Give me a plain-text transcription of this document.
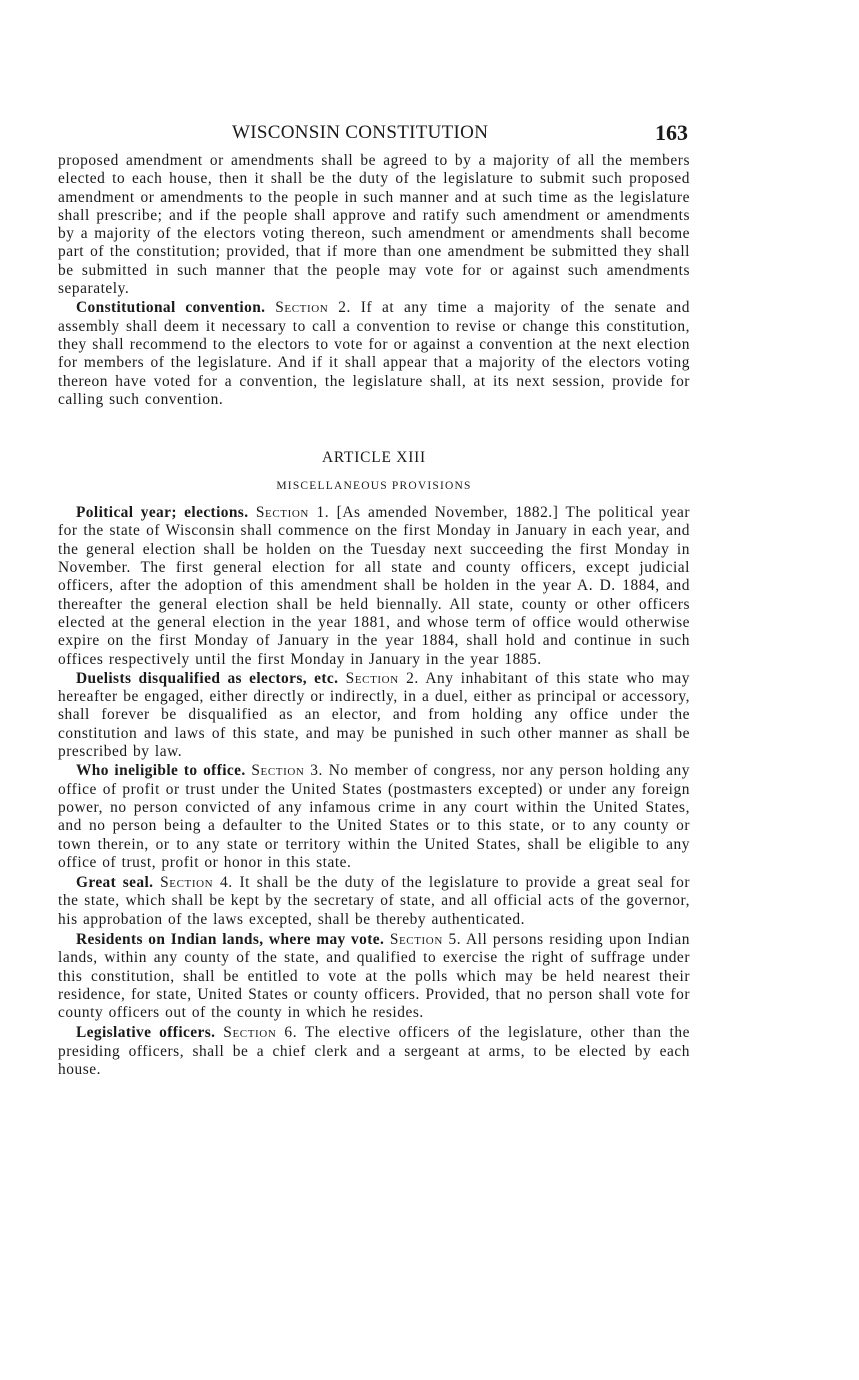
WISCONSIN CONSTITUTION	163

proposed amendment or amendments shall be agreed to by a majority of all the members elected to each house, then it shall be the duty of the legislature to submit such proposed amendment or amendments to the people in such manner and at such time as the legislature shall prescribe; and if the people shall approve and ratify such amendment or amendments by a majority of the electors voting thereon, such amendment or amendments shall become part of the constitution; provided, that if more than one amendment be submitted they shall be submitted in such manner that the people may vote for or against such amendments separately.

Constitutional convention. Section 2. If at any time a majority of the senate and assembly shall deem it necessary to call a convention to revise or change this constitution, they shall recommend to the electors to vote for or against a convention at the next election for members of the legislature. And if it shall appear that a majority of the electors voting thereon have voted for a convention, the legislature shall, at its next session, provide for calling such convention.

ARTICLE XIII
MISCELLANEOUS PROVISIONS

Political year; elections. Section 1. [As amended November, 1882.] The political year for the state of Wisconsin shall commence on the first Monday in January in each year, and the general election shall be holden on the Tuesday next succeeding the first Monday in November. The first general election for all state and county officers, except judicial officers, after the adoption of this amendment shall be holden in the year A. D. 1884, and thereafter the general election shall be held biennally. All state, county or other officers elected at the general election in the year 1881, and whose term of office would otherwise expire on the first Monday of January in the year 1884, shall hold and continue in such offices respectively until the first Monday in January in the year 1885.

Duelists disqualified as electors, etc. Section 2. Any inhabitant of this state who may hereafter be engaged, either directly or indirectly, in a duel, either as principal or accessory, shall forever be disqualified as an elector, and from holding any office under the constitution and laws of this state, and may be punished in such other manner as shall be prescribed by law.

Who ineligible to office. Section 3. No member of congress, nor any person holding any office of profit or trust under the United States (postmasters excepted) or under any foreign power, no person convicted of any infamous crime in any court within the United States, and no person being a defaulter to the United States or to this state, or to any county or town therein, or to any state or territory within the United States, shall be eligible to any office of trust, profit or honor in this state.

Great seal. Section 4. It shall be the duty of the legislature to provide a great seal for the state, which shall be kept by the secretary of state, and all official acts of the governor, his approbation of the laws excepted, shall be thereby authenticated.

Residents on Indian lands, where may vote. Section 5. All persons residing upon Indian lands, within any county of the state, and qualified to exercise the right of suffrage under this constitution, shall be entitled to vote at the polls which may be held nearest their residence, for state, United States or county officers. Provided, that no person shall vote for county officers out of the county in which he resides.

Legislative officers. Section 6. The elective officers of the legislature, other than the presiding officers, shall be a chief clerk and a sergeant at arms, to be elected by each house.
